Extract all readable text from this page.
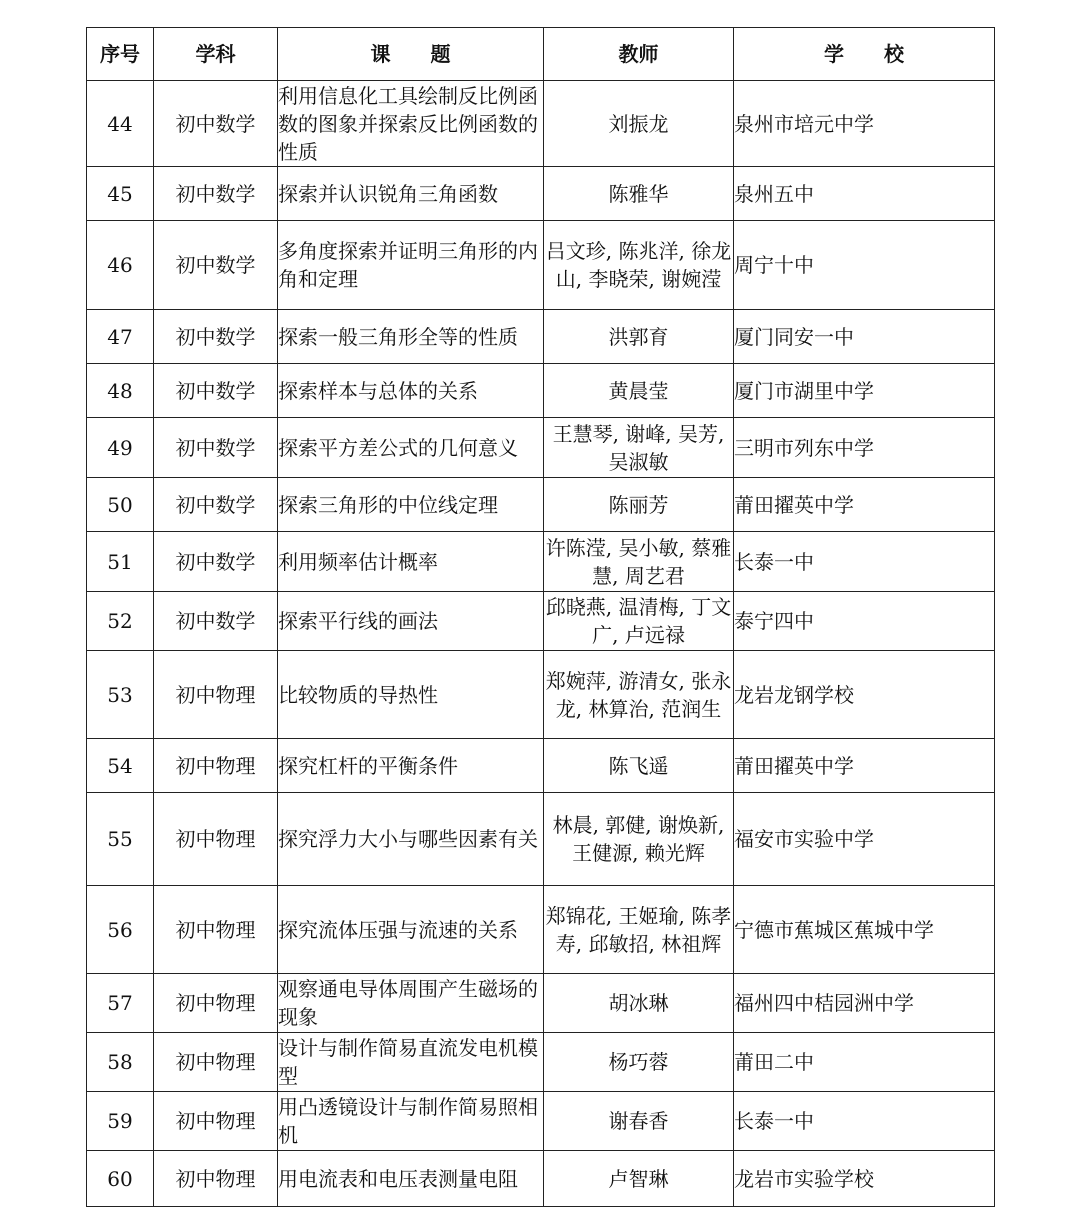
序号	学科	课　　题	教师	学　　校
44	初中数学	利用信息化工具绘制反比例函数的图象并探索反比例函数的性质	刘振龙	泉州市培元中学
45	初中数学	探索并认识锐角三角函数	陈雅华	泉州五中
46	初中数学	多角度探索并证明三角形的内角和定理	吕文珍, 陈兆洋, 徐龙山, 李晓荣, 谢婉滢	周宁十中
47	初中数学	探索一般三角形全等的性质	洪郭育	厦门同安一中
48	初中数学	探索样本与总体的关系	黄晨莹	厦门市湖里中学
49	初中数学	探索平方差公式的几何意义	王慧琴, 谢峰, 吴芳, 吴淑敏	三明市列东中学
50	初中数学	探索三角形的中位线定理	陈丽芳	莆田擢英中学
51	初中数学	利用频率估计概率	许陈滢, 吴小敏, 蔡雅慧, 周艺君	长泰一中
52	初中数学	探索平行线的画法	邱晓燕, 温清梅, 丁文广, 卢远禄	泰宁四中
53	初中物理	比较物质的导热性	郑婉萍, 游清女, 张永龙, 林算治, 范润生	龙岩龙钢学校
54	初中物理	探究杠杆的平衡条件	陈飞遥	莆田擢英中学
55	初中物理	探究浮力大小与哪些因素有关	林晨, 郭健, 谢焕新, 王健源, 赖光辉	福安市实验中学
56	初中物理	探究流体压强与流速的关系	郑锦花, 王姬瑜, 陈孝寿, 邱敏招, 林祖辉	宁德市蕉城区蕉城中学
57	初中物理	观察通电导体周围产生磁场的现象	胡冰琳	福州四中桔园洲中学
58	初中物理	设计与制作简易直流发电机模型	杨巧蓉	莆田二中
59	初中物理	用凸透镜设计与制作简易照相机	谢春香	长泰一中
60	初中物理	用电流表和电压表测量电阻	卢智琳	龙岩市实验学校
